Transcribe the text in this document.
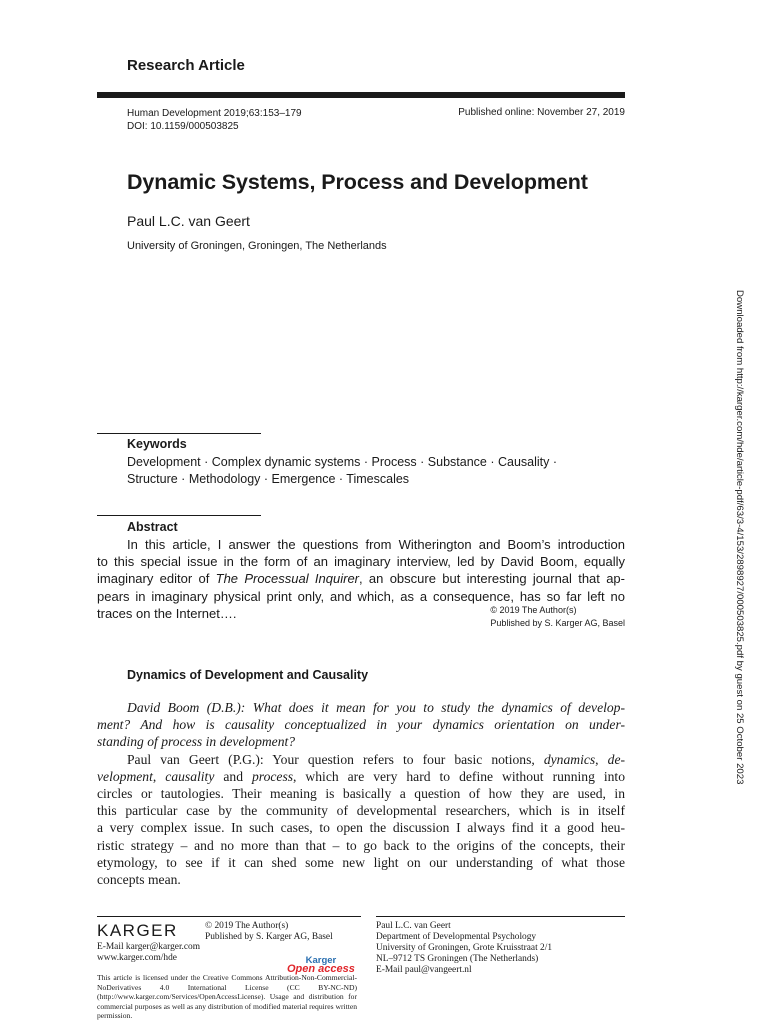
Research Article
Human Development 2019;63:153–179
DOI: 10.1159/000503825
Published online: November 27, 2019
Dynamic Systems, Process and Development
Paul L.C. van Geert
University of Groningen, Groningen, The Netherlands
Keywords
Development · Complex dynamic systems · Process · Substance · Causality ·
Structure · Methodology · Emergence · Timescales
Abstract
In this article, I answer the questions from Witherington and Boom’s introduction
to this special issue in the form of an imaginary interview, led by David Boom, equally
imaginary editor of The Processual Inquirer, an obscure but interesting journal that ap-
pears in imaginary physical print only, and which, as a consequence, has so far left no
traces on the Internet….	© 2019 The Author(s)
Published by S. Karger AG, Basel
Dynamics of Development and Causality
David Boom (D.B.): What does it mean for you to study the dynamics of develop-
ment? And how is causality conceptualized in your dynamics orientation on under-
standing of process in development?
Paul van Geert (P.G.): Your question refers to four basic notions, dynamics, de-
velopment, causality and process, which are very hard to define without running into
circles or tautologies. Their meaning is basically a question of how they are used, in
this particular case by the community of developmental researchers, which is in itself
a very complex issue. In such cases, to open the discussion I always find it a good heu-
ristic strategy – and no more than that – to go back to the origins of the concepts, their
etymology, to see if it can shed some new light on our understanding of what those
concepts mean.
KARGER	© 2019 The Author(s)
Published by S. Karger AG, Basel
E-Mail karger@karger.com
www.karger.com/hde	Karger
Open access
This article is licensed under the Creative Commons Attribution-Non-Commercial-NoDerivatives 4.0 International License (CC BY-NC-ND) (http://www.karger.com/Services/OpenAccessLicense). Usage and distribution for commercial purposes as well as any distribution of modified material requires written permission.
Paul L.C. van Geert
Department of Developmental Psychology
University of Groningen, Grote Kruisstraat 2/1
NL–9712 TS Groningen (The Netherlands)
E-Mail paul@vangeert.nl
Downloaded from http://karger.com/hde/article-pdf/63/3-4/153/2898927/000503825.pdf by guest on 25 October 2023
